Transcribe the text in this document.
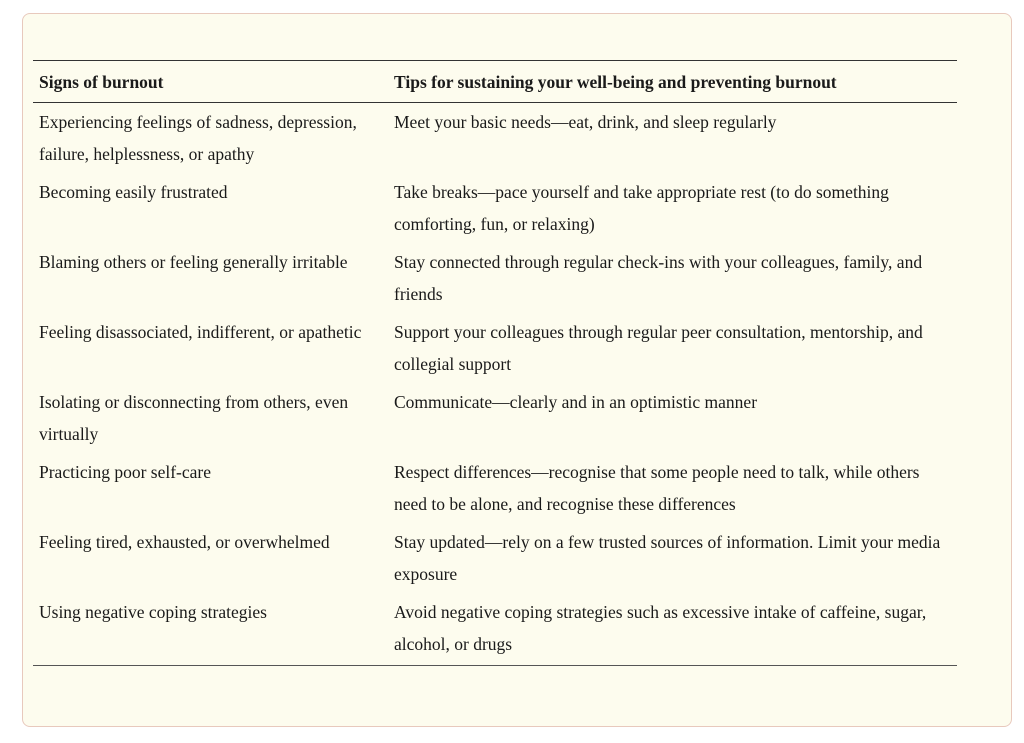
Signs of burnout	Tips for sustaining your well-being and preventing burnout
Experiencing feelings of sadness, depression, failure, helplessness, or apathy	Meet your basic needs—eat, drink, and sleep regularly
Becoming easily frustrated	Take breaks—pace yourself and take appropriate rest (to do something comforting, fun, or relaxing)
Blaming others or feeling generally irritable	Stay connected through regular check-ins with your colleagues, family, and friends
Feeling disassociated, indifferent, or apathetic	Support your colleagues through regular peer consultation, mentorship, and collegial support
Isolating or disconnecting from others, even virtually	Communicate—clearly and in an optimistic manner
Practicing poor self-care	Respect differences—recognise that some people need to talk, while others need to be alone, and recognise these differences
Feeling tired, exhausted, or overwhelmed	Stay updated—rely on a few trusted sources of information. Limit your media exposure
Using negative coping strategies	Avoid negative coping strategies such as excessive intake of caffeine, sugar, alcohol, or drugs
